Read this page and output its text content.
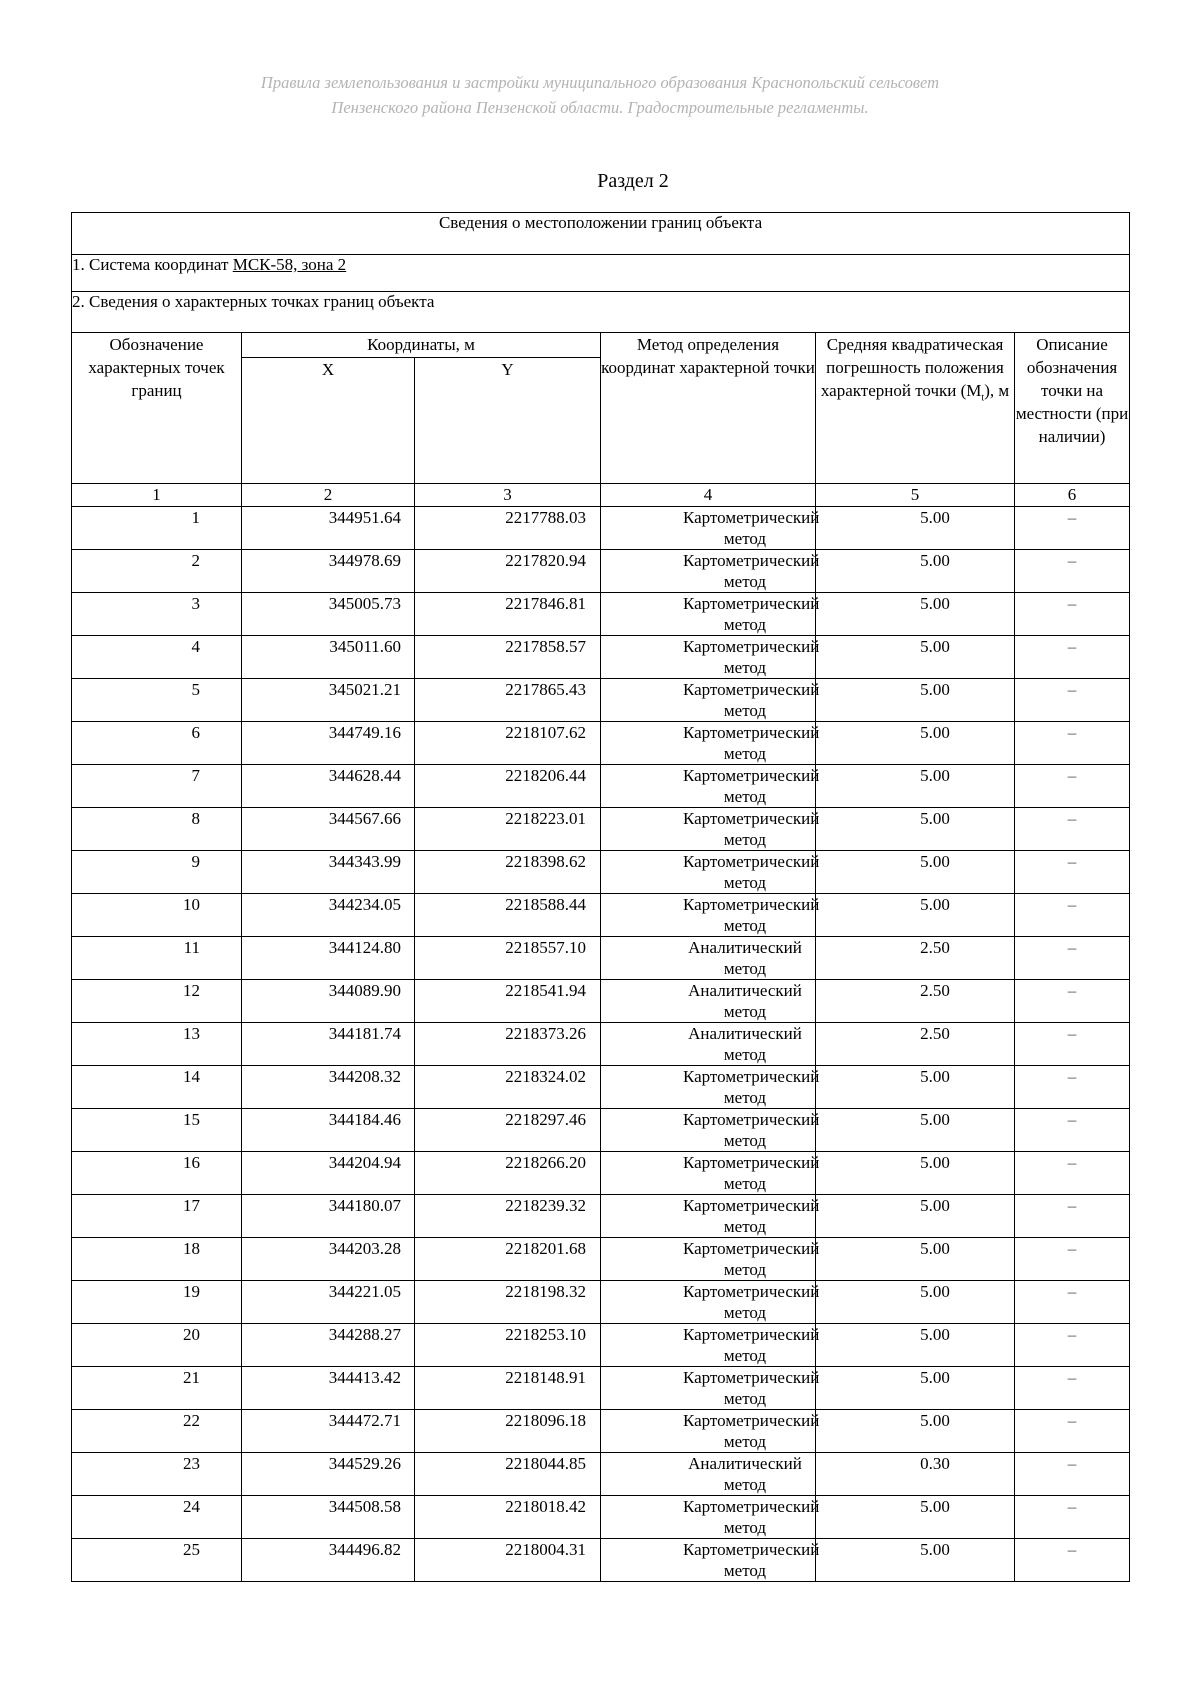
Правила землепользования и застройки муниципального образования Краснопольский сельсовет
Пензенского района Пензенской области. Градостроительные регламенты.
Раздел 2
Сведения о местоположении границ объекта					
1. Система координат МСК-58, зона 2					
2. Сведения о характерных точках границ объекта					
Обозначение характерных точек границ	Координаты, м		Метод определения координат характерной точки	Средняя квадратическая погрешность положения характерной точки $(M_t)$, м	Описание обозначения точки на местности (при наличии)
	X	Y			
1	2	3	4	5	6
1	344951.64	2217788.03	Картометрический метод	5.00	–
2	344978.69	2217820.94	Картометрический метод	5.00	–
3	345005.73	2217846.81	Картометрический метод	5.00	–
4	345011.60	2217858.57	Картометрический метод	5.00	–
5	345021.21	2217865.43	Картометрический метод	5.00	–
6	344749.16	2218107.62	Картометрический метод	5.00	–
7	344628.44	2218206.44	Картометрический метод	5.00	–
8	344567.66	2218223.01	Картометрический метод	5.00	–
9	344343.99	2218398.62	Картометрический метод	5.00	–
10	344234.05	2218588.44	Картометрический метод	5.00	–
11	344124.80	2218557.10	Аналитический метод	2.50	–
12	344089.90	2218541.94	Аналитический метод	2.50	–
13	344181.74	2218373.26	Аналитический метод	2.50	–
14	344208.32	2218324.02	Картометрический метод	5.00	–
15	344184.46	2218297.46	Картометрический метод	5.00	–
16	344204.94	2218266.20	Картометрический метод	5.00	–
17	344180.07	2218239.32	Картометрический метод	5.00	–
18	344203.28	2218201.68	Картометрический метод	5.00	–
19	344221.05	2218198.32	Картометрический метод	5.00	–
20	344288.27	2218253.10	Картометрический метод	5.00	–
21	344413.42	2218148.91	Картометрический метод	5.00	–
22	344472.71	2218096.18	Картометрический метод	5.00	–
23	344529.26	2218044.85	Аналитический метод	0.30	–
24	344508.58	2218018.42	Картометрический метод	5.00	–
25	344496.82	2218004.31	Картометрический метод	5.00	–
